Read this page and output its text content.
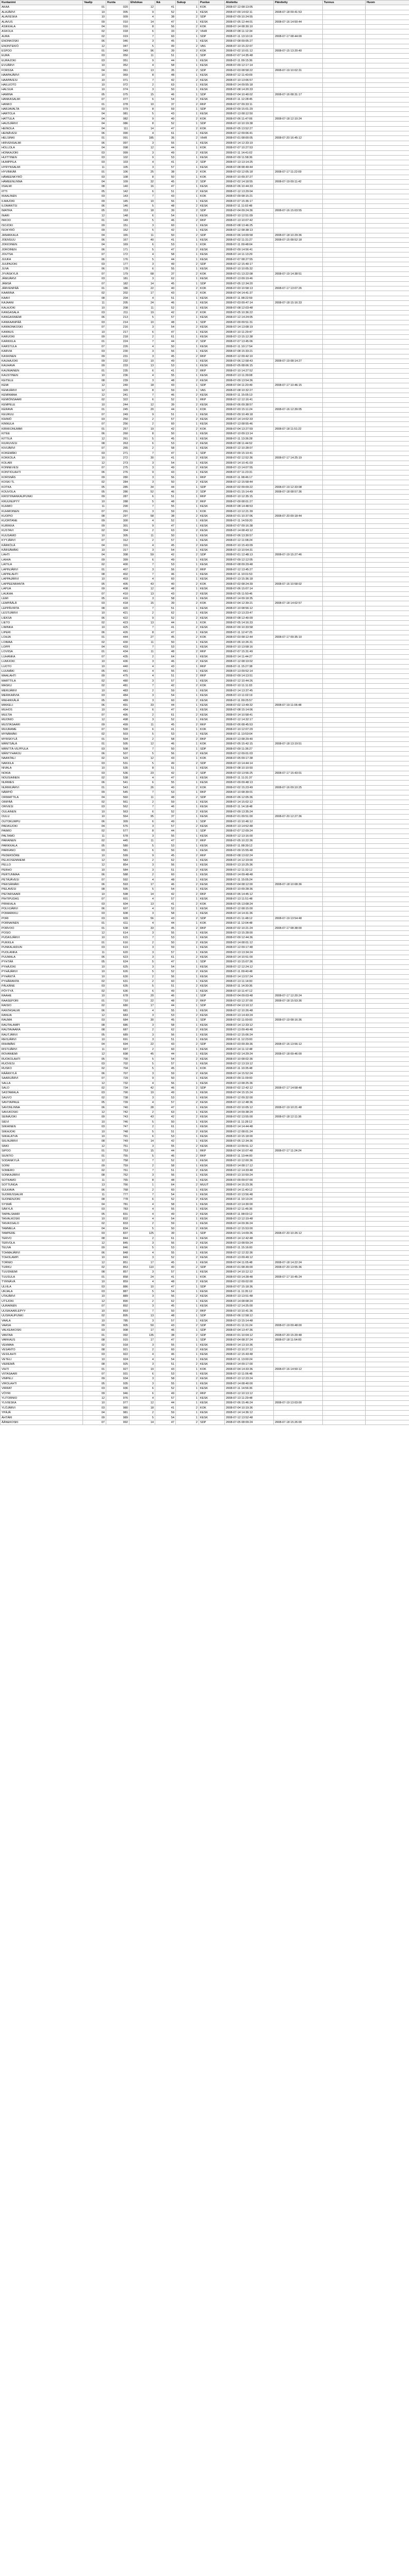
Kuntanimi	Vaalip	Kunta	Ehdokas	Ikä	Sukup	Puolue	Aloitettu	Päivitetty	Tunnus	Huom
AKAA	01	020	12	41	1	KOK	2008-07-12 08:13:05			
ALAJÄRVI	10	005	9	52	1	KESK	2008-07-09 14:02:11	2008-07-18 09:41:53		
ALAVIESKA	10	009	4	38	2	SDP	2008-07-09 10:24:55			
ALAVUS	09	010	14	47	1	KESK	2008-07-05 12:44:01	2008-07-16 14:50:44		
ASIKKALA	04	016	8	56	2	KOK	2008-07-14 08:30:10			
ASKOLA	02	018	6	33	2	VIHR	2008-07-08 11:12:34			
AURA	02	019	7	60	1	SDP	2008-07-11 13:10:19	2008-07-17 08:44:00		
ENONKOSKI	06	046	3	45	1	KESK	2008-07-08 09:05:27			
ENONTEKIÖ	12	047	5	49	2	VAS	2008-07-10 15:22:07			
ESPOO	01	049	96	39	2	KOK	2008-07-02 10:01:12	2008-07-15 13:20:40		
EURA	03	050	11	51	1	SDP	2008-07-07 14:35:48			
EURAJOKI	03	051	9	44	1	KESK	2008-07-11 09:15:36			
EVIJÄRVI	10	052	4	58	1	KESK	2008-07-09 12:17:14			
FORSSA	04	061	13	35	2	SDP	2008-07-03 08:58:22	2008-07-19 10:02:31		
HAAPAJÄRVI	10	069	8	48	1	KESK	2008-07-12 11:43:09			
HAAPAVESI	10	071	7	42	2	KESK	2008-07-10 13:06:57			
HAILUOTO	10	072	2	63	1	KESK	2008-07-14 09:55:18			
HALSUA	10	074	3	50	1	KESK	2008-07-08 14:20:33			
HAMINA	05	075	15	46	1	SDP	2008-07-04 10:40:02	2008-07-16 08:31:17		
HANKASALMI	07	077	6	54	2	KESK	2008-07-11 12:28:45			
HANKO	01	078	10	37	2	RKP	2008-07-07 09:33:11			
HARJAVALTA	03	079	8	59	1	SDP	2008-07-09 15:01:29			
HARTOLA	04	081	5	43	1	KESK	2008-07-13 08:12:50			
HATTULA	04	082	9	40	2	KOK	2008-07-06 11:47:06	2008-07-18 12:10:24		
HAUSJÄRVI	04	086	8	52	1	SDP	2008-07-10 10:19:38			
HEINOLA	04	111	14	47	2	KOK	2008-07-05 13:52:27			
HEINÄVESI	06	090	4	61	1	KESK	2008-07-12 09:06:41			
HELSINKI	01	091	185	36	2	VIHR	2008-07-01 08:00:05	2008-07-20 16:45:12		
HIRVENSALMI	06	097	3	55	1	KESK	2008-07-14 12:33:19			
HOLLOLA	04	098	12	44	1	KOK	2008-07-07 10:27:53			
HONKAJOKI	03	099	3	49	2	KESK	2008-07-11 14:41:02			
HUITTINEN	03	102	9	53	1	KESK	2008-07-09 11:58:36			
HUMPPILA	03	103	4	41	2	SDP	2008-07-13 13:14:25			
HYRYNSALMI	11	105	3	57	1	KESK	2008-07-08 08:49:44			
HYVINKÄÄ	01	106	25	38	2	KOK	2008-07-03 12:05:18	2008-07-17 11:22:09		
HÄMEENKYRÖ	03	108	8	50	1	KOK	2008-07-10 09:37:27			
HÄMEENLINNA	04	109	32	45	2	SDP	2008-07-02 14:18:55	2008-07-19 09:11:42		
IISALMI	08	140	16	47	1	KESK	2008-07-06 10:44:33			
IITTI	05	142	6	51	2	KESK	2008-07-12 13:29:04			
IKAALINEN	03	143	7	43	1	KOK	2008-07-09 08:15:21			
ILMAJOKI	09	145	10	56	1	KESK	2008-07-07 15:36:17			
ILOMANTSI	06	146	5	48	2	KESK	2008-07-11 11:02:48			
IMATRA	05	153	18	39	2	SDP	2008-07-04 09:24:36	2008-07-16 15:03:55		
INARI	12	148	6	54	1	KESK	2008-07-10 12:51:09			
INKOO	01	149	5	46	2	RKP	2008-07-13 10:07:42			
ISOJOKI	09	151	3	60	1	KESK	2008-07-08 13:46:25			
ISOKYRÖ	09	152	5	42	1	KESK	2008-07-12 08:38:13			
JANAKKALA	04	165	11	50	2	SDP	2008-07-06 14:09:58	2008-07-18 10:29:36		
JOENSUU	06	167	40	41	1	KESK	2008-07-02 11:31:27	2008-07-15 08:52:18		
JOKIOINEN	04	169	6	53	1	KOK	2008-07-11 09:48:04			
JOROINEN	06	171	5	47	2	KESK	2008-07-09 14:56:41			
JOUTSA	07	172	4	58	1	KESK	2008-07-14 11:13:29			
JUUKA	06	176	5	44	1	KESK	2008-07-07 08:27:55			
JUUPAJOKI	03	177	3	49	2	SDP	2008-07-12 15:40:17			
JUVA	06	178	6	55	1	KESK	2008-07-10 10:05:32			
JYVÄSKYLÄ	07	179	68	37	2	KOK	2008-07-01 13:22:08	2008-07-19 14:38:51		
JÄMIJÄRVI	03	181	3	62	1	KESK	2008-07-13 09:19:46			
JÄMSÄ	07	182	14	45	1	SDP	2008-07-05 12:34:20			
JÄRVENPÄÄ	01	186	22	40	2	KOK	2008-07-03 10:58:13	2008-07-17 13:07:26		
KAARINA	02	202	17	43	2	KOK	2008-07-04 14:41:37			
KAAVI	08	204	4	51	1	KESK	2008-07-11 08:22:59			
KAJAANI	11	205	24	46	1	KESK	2008-07-03 09:47:14	2008-07-18 15:16:33		
KALAJOKI	10	208	11	52	1	KESK	2008-07-08 12:03:48			
KANGASALA	03	211	19	42	2	KOK	2008-07-05 10:36:22			
KANGASNIEMI	06	213	5	57	1	KESK	2008-07-12 14:24:05			
KANKAANPÄÄ	03	214	10	48	1	SDP	2008-07-09 09:51:31			
KANNONKOSKI	07	216	3	54	2	KESK	2008-07-14 13:08:19			
KANNUS	10	217	6	47	1	KESK	2008-07-10 11:29:47			
KARIJOKI	09	218	2	61	1	KESK	2008-07-13 15:12:38			
KARKKILA	01	224	7	44	2	SDP	2008-07-07 13:45:06			
KARSTULA	07	226	4	50	1	KESK	2008-07-11 10:17:54			
KARVIA	03	230	3	56	1	KESK	2008-07-08 15:33:21			
KASKINEN	09	231	3	45	2	RKP	2008-07-12 09:42:10			
KAUHAJOKI	09	232	10	49	1	KESK	2008-07-06 12:58:43	2008-07-19 08:14:27		
KAUHAVA	09	233	13	53	1	KESK	2008-07-05 08:06:15			
KAUNIAINEN	01	235	6	41	2	RKP	2008-07-10 14:27:52			
KAUSTINEN	10	236	4	55	1	KESK	2008-07-13 11:39:08			
KEITELE	08	239	3	48	2	KESK	2008-07-09 13:54:36			
KEMI	12	240	18	43	1	SDP	2008-07-04 11:20:49	2008-07-17 10:46:15		
KEMIJÄRVI	12	320	8	59	1	VAS	2008-07-08 10:32:27			
KEMINMAA	12	241	7	46	2	KESK	2008-07-11 15:05:13			
KEMIÖNSAARI	02	322	6	52	1	RKP	2008-07-12 12:16:41			
KEMPELE	10	244	12	39	2	KESK	2008-07-06 09:38:57			
KERAVA	01	245	20	44	1	KOK	2008-07-03 15:11:24	2008-07-16 12:39:05		
KEURUU	07	249	9	51	1	KESK	2008-07-09 10:49:18			
KIHNIÖ	03	250	2	57	2	KESK	2008-07-14 14:02:33			
KINNULA	07	256	2	60	1	KESK	2008-07-13 08:55:46			
KIRKKONUMMI	01	257	19	42	2	KOK	2008-07-04 13:27:59	2008-07-18 11:51:22		
KITEE	06	260	8	50	1	KESK	2008-07-10 09:13:14			
KITTILÄ	12	261	5	45	1	KESK	2008-07-11 13:36:28			
KIURUVESI	08	263	6	53	2	KESK	2008-07-08 11:44:52			
KIVIJÄRVI	07	265	2	58	1	KESK	2008-07-12 10:28:07			
KOKEMÄKI	03	271	7	47	1	SDP	2008-07-09 15:19:41			
KOKKOLA	10	272	30	41	2	KESK	2008-07-02 12:52:36	2008-07-17 14:25:19		
KOLARI	12	273	3	54	1	KESK	2008-07-14 10:41:03			
KONNEVESI	07	275	3	49	2	KESK	2008-07-13 14:07:55			
KONTIOLAHTI	06	276	9	43	1	KESK	2008-07-07 11:23:31			
KORSNÄS	09	280	3	56	1	RKP	2008-07-11 08:46:17			
KOSKI TL	02	284	3	50	2	KESK	2008-07-12 15:58:44			
KOTKA	05	285	34	44	1	SDP	2008-07-02 09:09:22	2008-07-19 12:33:08		
KOUVOLA	05	286	52	46	2	SDP	2008-07-01 15:14:49	2008-07-18 08:57:36		
KRISTIINANKAUPUNKI	09	287	6	51	1	RKP	2008-07-10 12:35:15			
KRUUNUPYY	10	288	5	48	2	RKP	2008-07-09 08:01:27			
KUHMO	11	290	7	55	1	KESK	2008-07-08 14:48:53			
KUHMOINEN	07	291	3	59	1	KOK	2008-07-13 12:21:39			
KUOPIO	08	297	58	38	2	KESK	2008-07-01 10:37:06	2008-07-20 09:18:44		
KUORTANE	09	300	4	52	1	KESK	2008-07-11 14:59:20			
KURIKKA	09	301	9	47	1	KESK	2008-07-07 09:16:38			
KUSTAVI	02	304	2	63	2	KESK	2008-07-14 08:43:12			
KUUSAMO	10	305	11	50	1	KESK	2008-07-06 13:30:57			
KYYJÄRVI	07	312	2	57	1	KESK	2008-07-12 11:08:24			
KÄRKÖLÄ	04	316	4	45	2	KESK	2008-07-10 15:43:09			
KÄRSÄMÄKI	10	317	3	54	1	KESK	2008-07-13 10:54:31			
LAHTI	04	398	59	42	2	SDP	2008-07-01 12:48:13	2008-07-19 15:27:46		
LAIHIA	09	399	6	49	1	KESK	2008-07-09 12:12:05			
LAITILA	02	400	7	53	1	KESK	2008-07-08 09:29:48			
LAPINJÄRVI	01	407	3	56	2	RKP	2008-07-12 13:45:27			
LAPINLAHTI	08	402	7	46	1	KESK	2008-07-11 10:01:53			
LAPPAJÄRVI	10	403	4	60	1	KESK	2008-07-13 15:36:18			
LAPPEENRANTA	05	405	43	40	2	KOK	2008-07-02 08:24:39	2008-07-16 10:58:02		
LAPUA	09	408	12	48	1	KESK	2008-07-06 15:07:14			
LAUKAA	07	410	13	43	2	KESK	2008-07-05 11:50:46			
LEMI	05	416	3	58	1	KESK	2008-07-14 09:18:35			
LEMPÄÄLÄ	03	418	15	39	2	KOK	2008-07-04 12:39:21	2008-07-18 14:02:57		
LEPPÄVIRTA	08	420	7	51	1	KESK	2008-07-10 08:56:12			
LESTIJÄRVI	10	421	2	62	1	KESK	2008-07-13 13:23:47			
LIEKSA	06	422	9	52	2	KESK	2008-07-08 12:40:09			
LIETO	02	423	13	44	1	KOK	2008-07-05 14:16:33			
LIMINKA	10	425	7	41	2	KESK	2008-07-09 10:33:58			
LIPERI	06	426	8	47	1	KESK	2008-07-11 12:47:25			
LOHJA	01	444	27	45	2	KOK	2008-07-03 08:12:44	2008-07-17 09:35:10		
LOIMAA	02	430	11	50	1	KESK	2008-07-06 10:26:31			
LOPPI	04	433	7	53	1	KESK	2008-07-10 13:58:16			
LOVIISA	01	434	11	48	2	RKP	2008-07-07 15:31:49			
LUHANKA	07	435	2	64	1	KESK	2008-07-14 11:44:27			
LUMIJOKI	10	436	3	46	2	KESK	2008-07-12 08:19:02			
LUOTO	10	440	4	43	1	RKP	2008-07-11 15:27:38			
LUUMÄKI	05	441	4	55	1	KESK	2008-07-13 09:52:14			
MAALAHTI	09	475	4	51	2	RKP	2008-07-09 14:13:51			
MARTTILA	02	480	3	57	1	KESK	2008-07-12 10:44:26			
MASKU	02	481	7	42	2	KOK	2008-07-10 11:11:03			
MERIJÄRVI	10	483	2	59	1	KESK	2008-07-14 13:37:45			
MERIKARVIA	03	484	3	54	1	KESK	2008-07-13 11:02:19			
MIEHIKKÄLÄ	05	489	3	60	2	KESK	2008-07-11 09:25:57			
MIKKELI	06	491	33	44	1	KESK	2008-07-02 13:49:32	2008-07-19 11:06:48		
MUHOS	10	494	6	47	1	KESK	2008-07-08 15:14:06			
MULTIA	07	495	2	61	2	KESK	2008-07-14 10:58:41			
MUONIO	12	498	3	52	1	KESK	2008-07-12 14:32:17			
MUSTASAARI	09	499	11	45	2	RKP	2008-07-06 08:45:53			
MUURAME	07	500	6	41	1	KOK	2008-07-10 12:07:29			
MYNÄMÄKI	02	503	5	53	1	KESK	2008-07-11 13:53:04			
MYRSKYLÄ	01	504	2	58	2	RKP	2008-07-13 08:29:40			
MÄNTSÄLÄ	01	505	12	46	1	KOK	2008-07-05 15:42:15	2008-07-18 13:19:51		
MÄNTTÄ-VILPPULA	03	508	7	50	1	SDP	2008-07-09 11:36:27			
MÄNTYHARJU	06	507	5	56	2	KESK	2008-07-12 09:01:03			
NAANTALI	02	529	12	43	1	KOK	2008-07-05 09:17:38			
NAKKILA	03	531	5	49	2	SDP	2008-07-10 14:44:14			
NIVALA	10	535	8	51	1	KESK	2008-07-08 10:10:50			
NOKIA	03	536	23	42	2	SDP	2008-07-03 13:56:25	2008-07-17 15:43:01		
NOUSIAINEN	02	538	4	47	1	KESK	2008-07-11 11:31:37			
NURMES	06	541	6	55	1	KESK	2008-07-09 09:48:13			
NURMIJÄRVI	01	543	26	40	2	KOK	2008-07-02 15:23:49	2008-07-16 09:10:25		
NÄRPIÖ	09	545	7	53	1	RKP	2008-07-10 08:39:01			
ORIMATTILA	04	560	11	48	2	SDP	2008-07-06 12:05:36			
ORIPÄÄ	02	561	2	59	1	KESK	2008-07-14 15:02:12			
ORIVESI	03	562	7	46	1	KESK	2008-07-11 14:18:48			
OULAINEN	10	563	6	52	2	KESK	2008-07-09 13:35:24			
OULU	10	564	95	37	1	KESK	2008-07-01 09:51:00	2008-07-20 12:27:36		
OUTOKUMPU	06	309	6	49	1	SDP	2008-07-10 10:46:12			
PADASJOKI	04	576	3	57	2	KESK	2008-07-13 14:52:48			
PAIMIO	02	577	8	44	1	SDP	2008-07-07 12:09:24			
PALTAMO	11	578	3	55	1	KESK	2008-07-12 13:16:00			
PARAINEN	02	445	11	47	2	RKP	2008-07-05 10:22:36			
PARIKKALA	05	580	5	53	1	KESK	2008-07-11 08:39:12			
PARKANO	03	581	6	50	1	KESK	2008-07-09 15:55:48			
PEDERSÖRE	10	599	9	45	2	RKP	2008-07-08 13:02:24			
PELKOSENNIEMI	12	583	2	62	1	KESK	2008-07-14 12:19:00			
PELLO	12	854	3	56	1	KESK	2008-07-13 10:25:36			
PERHO	10	584	3	51	2	KESK	2008-07-12 11:32:12			
PERTUNMAA	06	588	2	60	1	KESK	2008-07-14 09:48:48			
PETÄJÄVESI	07	592	4	48	1	KESK	2008-07-11 15:05:24			
PIEKSÄMÄKI	06	593	17	46	2	KESK	2008-07-04 08:12:00	2008-07-18 10:08:36		
PIELAVESI	08	595	5	54	1	KESK	2008-07-10 09:28:36			
PIETARSAARI	10	598	14	42	2	RKP	2008-07-06 14:45:12			
PIHTIPUDAS	07	601	4	57	1	KESK	2008-07-13 11:51:48			
PIRKKALA	03	604	13	41	2	KOK	2008-07-05 13:08:24			
POLVIJÄRVI	06	607	4	52	1	KESK	2008-07-12 08:15:00			
POMARKKU	03	608	3	58	1	KESK	2008-07-14 14:31:36			
PORI	03	609	56	43	2	SDP	2008-07-01 11:48:12	2008-07-19 13:54:48		
PORNAINEN	01	611	4	44	1	KOK	2008-07-11 12:04:48			
PORVOO	01	638	33	45	2	RKP	2008-07-02 10:21:24	2008-07-17 08:38:00		
POSIO	12	614	3	55	1	KESK	2008-07-13 15:28:00			
PUDASJÄRVI	10	615	7	53	1	KESK	2008-07-09 12:44:36			
PUKKILA	01	616	2	50	2	KESK	2008-07-14 08:01:12			
PUNKALAIDUN	03	619	3	59	1	KESK	2008-07-12 09:17:48			
PUOLANKA	11	620	3	57	1	KESK	2008-07-13 13:34:24			
PUUMALA	06	623	3	61	2	KESK	2008-07-14 10:51:00			
PYHTÄÄ	05	624	5	47	1	SDP	2008-07-10 15:07:36			
PYHÄJOKI	10	625	3	54	1	KESK	2008-07-12 12:24:12			
PYHÄJÄRVI	10	626	5	52	2	KESK	2008-07-11 09:40:48			
PYHÄNTÄ	10	630	2	56	1	KESK	2008-07-14 13:57:24			
PYHÄRANTA	02	631	2	60	1	KESK	2008-07-13 11:14:00			
PÄLKÄNE	03	635	5	51	2	KESK	2008-07-11 14:30:36			
PÖYTYÄ	02	636	6	49	1	KESK	2008-07-10 11:47:12			
RAAHE	10	678	20	46	1	SDP	2008-07-04 09:03:48	2008-07-17 12:20:24		
RAASEPORI	01	710	22	48	2	RKP	2008-07-03 12:37:00	2008-07-18 15:53:36		
RAISIO	02	680	17	44	1	SDP	2008-07-04 13:10:12			
RANTASALMI	06	681	4	55	1	KESK	2008-07-12 10:26:48			
RANUA	12	683	3	53	2	KESK	2008-07-13 14:43:24			
RAUMA	03	684	30	45	1	SDP	2008-07-02 11:00:00	2008-07-19 08:16:36		
RAUTALAMPI	08	686	3	58	1	KESK	2008-07-14 12:33:12			
RAUTAVAARA	08	687	2	62	2	KESK	2008-07-13 09:49:48			
RAUTJÄRVI	05	689	3	56	1	KESK	2008-07-12 15:06:24			
REISJÄRVI	10	691	3	51	1	KESK	2008-07-11 12:23:00			
RIIHIMÄKI	04	694	22	43	2	SDP	2008-07-03 09:39:36	2008-07-16 13:56:12		
RISTIJÄRVI	11	697	2	60	1	KESK	2008-07-14 11:12:48			
ROVANIEMI	12	698	45	44	1	KESK	2008-07-02 14:29:24	2008-07-18 09:46:00		
RUOKOLAHTI	05	700	5	54	2	KESK	2008-07-10 08:02:36			
RUOVESI	03	702	5	57	1	KESK	2008-07-12 13:19:12			
RUSKO	02	704	5	45	1	KOK	2008-07-11 10:35:48			
RÄÄKKYLÄ	06	707	3	59	2	KESK	2008-07-14 15:52:24			
SAARIJÄRVI	07	729	9	50	1	KESK	2008-07-09 11:09:00			
SALLA	12	732	4	56	1	KESK	2008-07-13 08:25:36			
SALO	02	734	42	46	2	SDP	2008-07-02 12:42:12	2008-07-17 14:58:48		
SASTAMALA	03	790	19	49	1	KESK	2008-07-04 15:15:24			
SAUVO	02	738	3	53	1	KESK	2008-07-12 09:32:00			
SAVITAIPALE	05	739	4	57	2	KESK	2008-07-13 12:48:36			
SAVONLINNA	06	740	28	47	1	KESK	2008-07-03 10:05:12	2008-07-19 10:21:48		
SAVUKOSKI	12	742	2	63	1	KESK	2008-07-14 09:38:24			
SEINÄJOKI	09	743	43	42	2	KESK	2008-07-02 13:55:00	2008-07-18 12:11:36		
SIEVI	10	746	5	50	1	KESK	2008-07-11 11:28:12			
SIIKAINEN	03	747	2	61	1	KESK	2008-07-14 14:44:48			
SIIKAJOKI	10	748	5	51	2	KESK	2008-07-12 08:01:24			
SIIKALATVA	10	791	6	53	1	KESK	2008-07-10 15:18:00			
SIILINJÄRVI	08	749	14	42	1	KESK	2008-07-05 12:34:36			
SIMO	12	751	3	55	2	KESK	2008-07-13 09:51:12			
SIPOO	01	753	15	44	1	RKP	2008-07-04 10:07:48	2008-07-17 11:24:24		
SIUNTIO	01	755	5	46	2	RKP	2008-07-11 13:44:00			
SODANKYLÄ	12	758	7	52	1	KESK	2008-07-10 12:00:36			
SOINI	09	759	2	58	1	KESK	2008-07-14 08:17:12			
SOMERO	02	761	7	51	2	KESK	2008-07-12 14:33:48			
SONKAJÄRVI	08	762	3	56	1	KESK	2008-07-13 10:50:24			
SOTKAMO	11	765	8	48	1	KESK	2008-07-09 09:07:00			
SOTTUNGA	13	766	1	64	2	MUUT	2008-07-14 15:23:36			
SULKAVA	06	768	2	60	1	KESK	2008-07-14 11:40:12			
SUOMUSSALMI	11	777	7	54	1	KESK	2008-07-10 13:56:48			
SUONENJOKI	08	778	6	52	2	KESK	2008-07-11 10:13:24			
SYSMÄ	04	781	4	58	1	KESK	2008-07-13 14:30:00			
SÄKYLÄ	03	783	4	55	1	KESK	2008-07-12 11:46:36			
TAIPALSAARI	05	831	4	49	2	KESK	2008-07-11 08:03:12			
TAIVALKOSKI	10	832	4	54	1	KESK	2008-07-13 12:19:48			
TAIVASSALO	02	833	2	59	1	KESK	2008-07-14 09:36:24			
TAMMELA	04	834	5	50	2	KESK	2008-07-12 15:53:00			
TAMPERE	03	837	125	39	1	SDP	2008-07-01 14:09:36	2008-07-20 10:26:12		
TERVO	08	844	2	61	1	KESK	2008-07-14 12:42:48			
TERVOLA	12	845	3	56	2	KESK	2008-07-13 08:59:24			
TEUVA	09	846	5	53	1	KESK	2008-07-11 15:16:00			
TOHMAJÄRVI	06	848	4	55	1	KESK	2008-07-12 12:32:36			
TOHOLAMPI	10	849	3	52	2	KESK	2008-07-13 09:49:12			
TORNIO	12	851	17	45	1	KESK	2008-07-04 11:05:48	2008-07-18 14:22:24		
TURKU	02	853	110	40	2	SDP	2008-07-01 08:39:00	2008-07-20 13:55:36		
TUUSNIEMI	08	857	3	57	1	KESK	2008-07-14 10:12:12			
TUUSULA	01	858	24	41	1	KOK	2008-07-03 14:28:48	2008-07-17 10:45:24		
TYRNÄVÄ	10	859	4	48	2	KESK	2008-07-12 09:02:00			
ULVILA	03	886	10	47	1	SDP	2008-07-07 15:18:36			
URJALA	03	887	5	54	1	KESK	2008-07-11 11:35:12			
UTAJÄRVI	10	889	3	56	2	KESK	2008-07-13 13:51:48			
UTSJOKI	12	890	2	62	1	KESK	2008-07-14 08:08:24			
UURAINEN	07	892	3	45	1	KESK	2008-07-12 14:25:00			
UUSIKAARLEPYY	10	893	7	50	2	RKP	2008-07-10 10:41:36			
UUSIKAUPUNKI	02	895	13	48	1	SDP	2008-07-06 12:58:12			
VAALA	10	785	3	57	1	KESK	2008-07-13 15:14:48			
VAASA	09	905	50	43	2	SDP	2008-07-01 11:31:24	2008-07-19 09:48:00		
VALKEAKOSKI	03	908	17	46	1	SDP	2008-07-04 13:47:36			
VANTAA	01	092	135	38	2	SDP	2008-07-01 10:04:12	2008-07-20 15:20:48		
VARKAUS	08	915	17	47	1	SDP	2008-07-04 08:37:24	2008-07-18 11:54:00		
VEHMAA	02	918	3	55	1	KESK	2008-07-14 13:10:36			
VESANTO	08	921	2	60	2	KESK	2008-07-13 10:27:12			
VESILAHTI	03	922	4	46	1	KESK	2008-07-12 15:43:48			
VETELI	10	924	4	54	1	KESK	2008-07-11 13:00:24			
VIEREMÄ	08	925	3	51	2	KESK	2008-07-14 09:17:00			
VIHTI	01	927	19	43	1	KOK	2008-07-04 14:33:36	2008-07-16 14:50:12		
VIITASAARI	07	931	6	53	1	KESK	2008-07-10 11:06:48			
VIMPELI	09	934	3	58	2	KESK	2008-07-13 12:23:24			
VIROLAHTI	05	935	3	55	1	KESK	2008-07-14 08:40:00			
VIRRAT	03	936	6	52	1	KESK	2008-07-11 14:56:36			
VÖYRI	09	946	6	49	2	RKP	2008-07-12 10:13:12			
YLITORNIO	12	976	4	57	1	KESK	2008-07-13 11:29:48			
YLIVIESKA	10	977	12	44	1	KESK	2008-07-06 15:46:24	2008-07-19 13:03:00		
YLÖJÄRVI	03	980	18	41	2	KOK	2008-07-04 10:19:36			
YPÄJÄ	04	981	2	59	1	KESK	2008-07-14 14:36:12			
ÄHTÄRI	09	989	5	54	1	KESK	2008-07-12 13:52:48			
ÄÄNEKOSKI	07	992	14	47	2	SDP	2008-07-05 08:09:24	2008-07-18 15:26:00		
